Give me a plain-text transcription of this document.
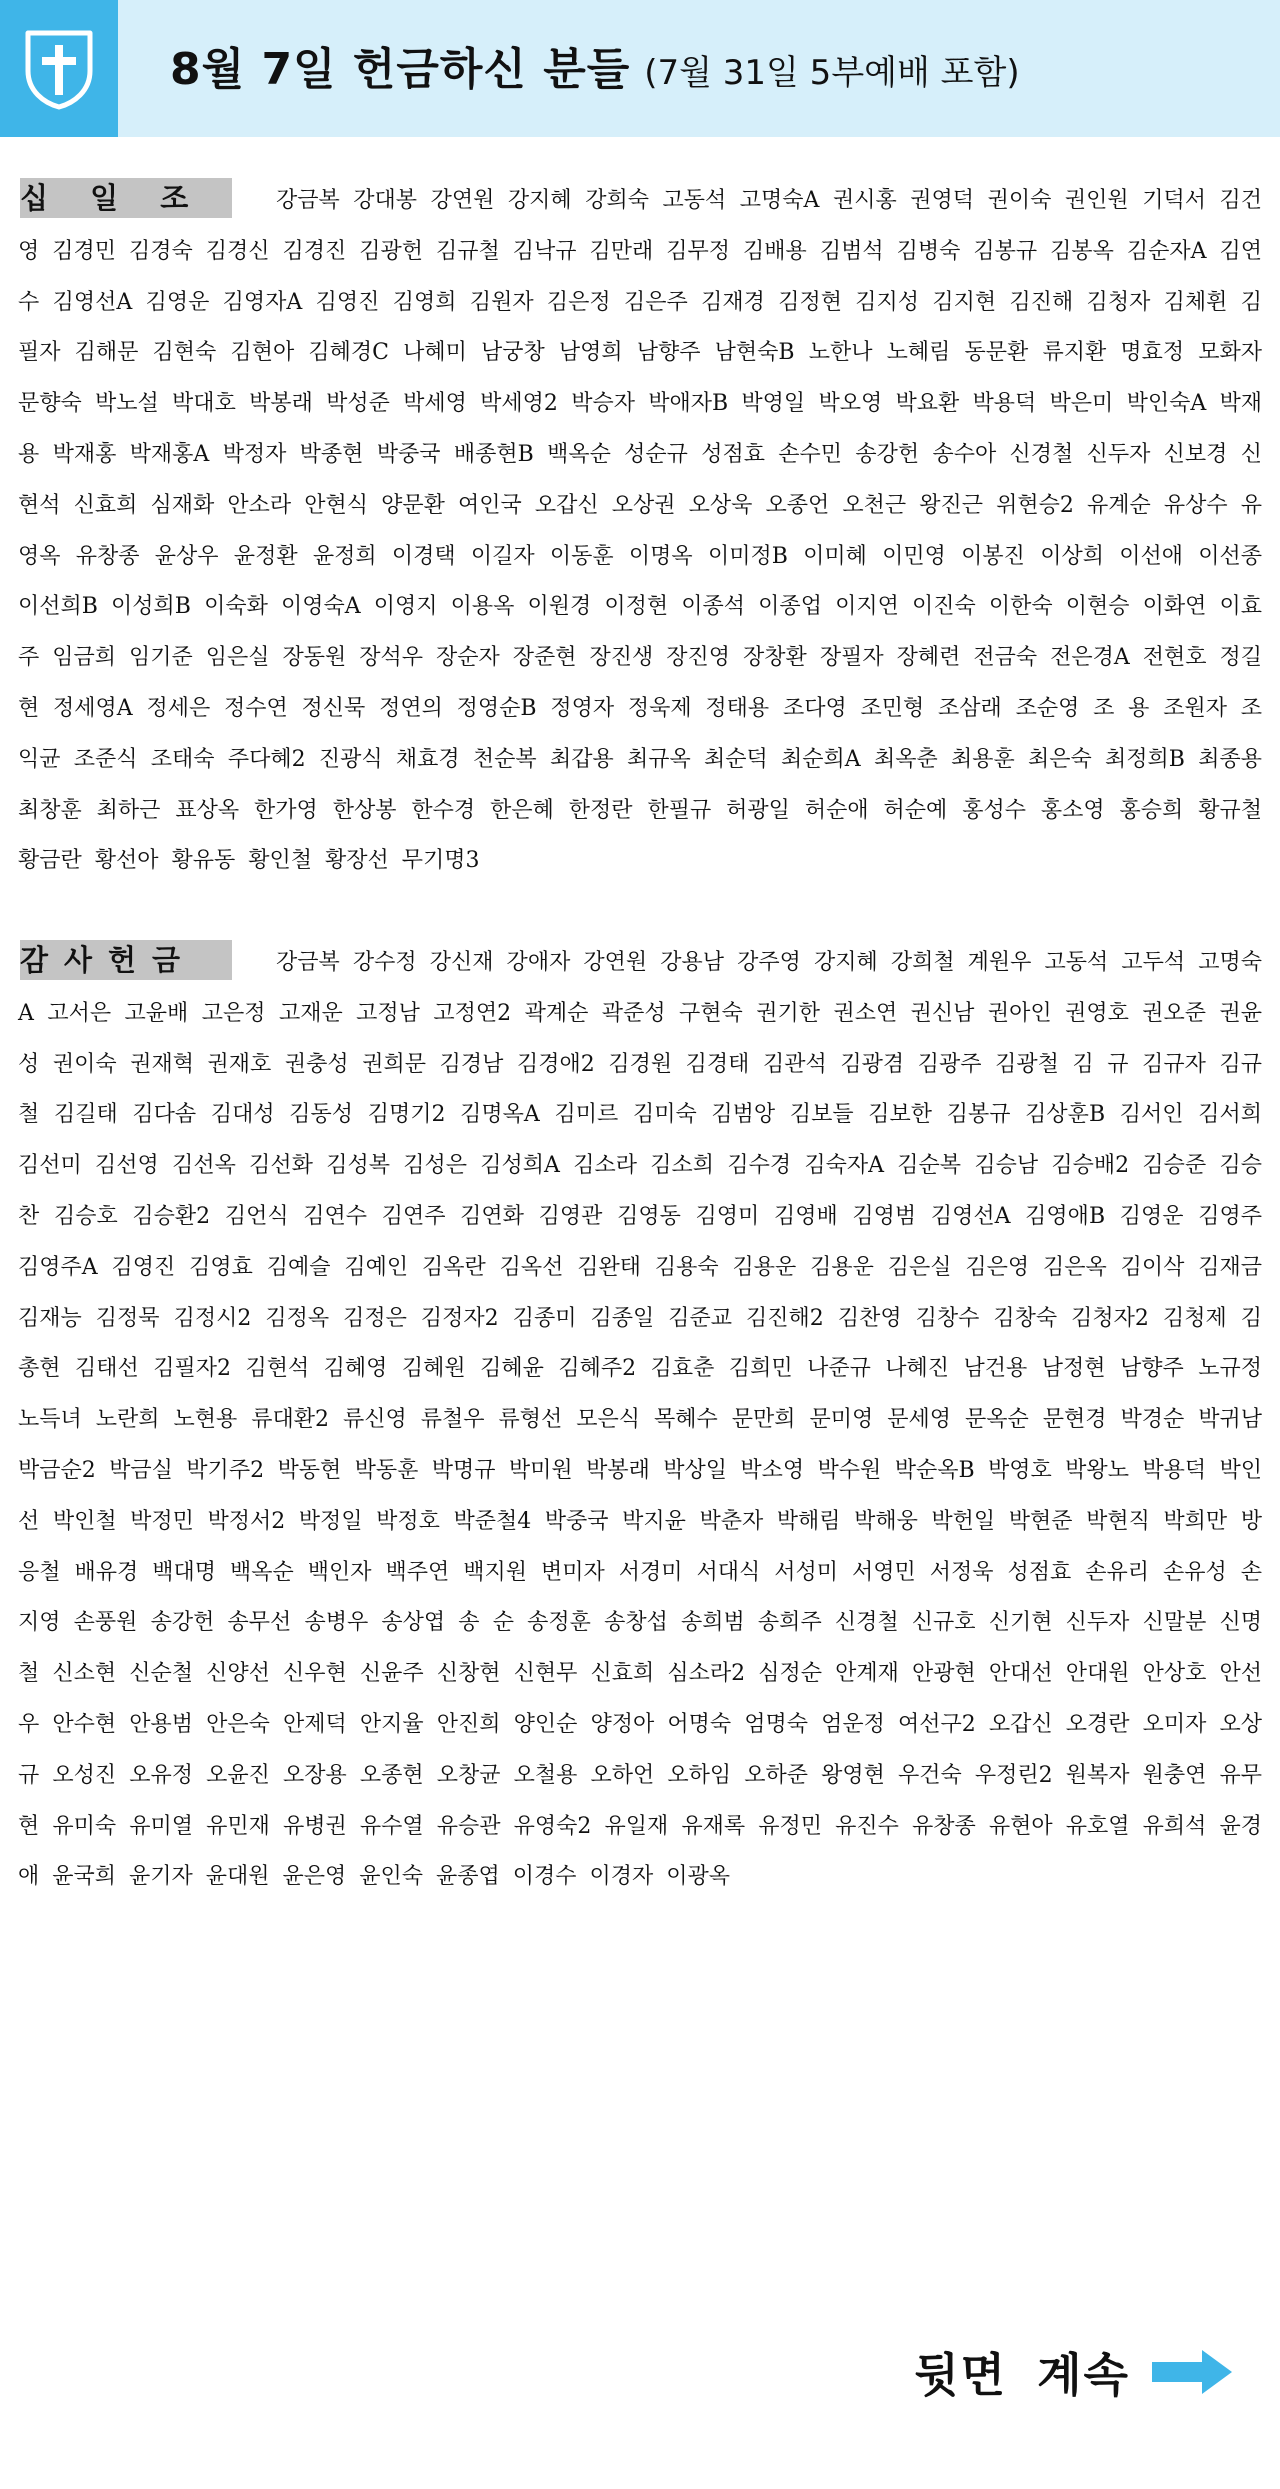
8월 7일 헌금하신 분들 (7월 31일 5부예배 포함)

십 일 조	강금복 강대봉 강연원 강지혜 강희숙 고동석 고명숙A 권시홍 권영덕 권이숙 권인원 기덕서 김건영 김경민 김경숙 김경신 김경진 김광헌 김규철 김낙규 김만래 김무정 김배용 김범석 김병숙 김봉규 김봉옥 김순자A 김연수 김영선A 김영운 김영자A 김영진 김영희 김원자 김은정 김은주 김재경 김정현 김지성 김지현 김진해 김청자 김체휜 김필자 김해문 김현숙 김현아 김혜경C 나혜미 남궁창 남영희 남향주 남현숙B 노한나 노혜림 동문환 류지환 명효정 모화자 문향숙 박노설 박대호 박봉래 박성준 박세영 박세영2 박승자 박애자B 박영일 박오영 박요환 박용덕 박은미 박인숙A 박재용 박재홍 박재홍A 박정자 박종현 박중국 배종현B 백옥순 성순규 성점효 손수민 송강헌 송수아 신경철 신두자 신보경 신현석 신효희 심재화 안소라 안현식 양문환 여인국 오갑신 오상권 오상욱 오종언 오천근 왕진근 위현승2 유계순 유상수 유영옥 유창종 윤상우 윤정환 윤정희 이경택 이길자 이동훈 이명옥 이미정B 이미혜 이민영 이봉진 이상희 이선애 이선종 이선희B 이성희B 이숙화 이영숙A 이영지 이용옥 이원경 이정현 이종석 이종업 이지연 이진숙 이한숙 이현승 이화연 이효주 임금희 임기준 임은실 장동원 장석우 장순자 장준현 장진생 장진영 장창환 장필자 장혜련 전금숙 전은경A 전현호 정길현 정세영A 정세은 정수연 정신묵 정연의 정영순B 정영자 정욱제 정태용 조다영 조민형 조삼래 조순영 조 용 조원자 조익균 조준식 조태숙 주다혜2 진광식 채효경 천순복 최갑용 최규옥 최순덕 최순희A 최옥춘 최용훈 최은숙 최정희B 최종용 최창훈 최하근 표상옥 한가영 한상봉 한수경 한은혜 한정란 한필규 허광일 허순애 허순예 홍성수 홍소영 홍승희 황규철 황금란 황선아 황유동 황인철 황장선 무기명3

감사헌금	강금복 강수정 강신재 강애자 강연원 강용남 강주영 강지혜 강희철 계원우 고동석 고두석 고명숙A 고서은 고윤배 고은정 고재운 고정남 고정연2 곽계순 곽준성 구현숙 권기한 권소연 권신남 권아인 권영호 권오준 권윤성 권이숙 권재혁 권재호 권충성 권희문 김경남 김경애2 김경원 김경태 김관석 김광겸 김광주 김광철 김 규 김규자 김규철 김길태 김다솜 김대성 김동성 김명기2 김명옥A 김미르 김미숙 김범앙 김보들 김보한 김봉규 김상훈B 김서인 김서희 김선미 김선영 김선옥 김선화 김성복 김성은 김성희A 김소라 김소희 김수경 김숙자A 김순복 김승남 김승배2 김승준 김승찬 김승호 김승환2 김언식 김연수 김연주 김연화 김영관 김영동 김영미 김영배 김영범 김영선A 김영애B 김영운 김영주 김영주A 김영진 김영효 김예슬 김예인 김옥란 김옥선 김완태 김용숙 김용운 김용운 김은실 김은영 김은옥 김이삭 김재금 김재능 김정묵 김정시2 김정옥 김정은 김정자2 김종미 김종일 김준교 김진해2 김찬영 김창수 김창숙 김청자2 김청제 김총현 김태선 김필자2 김현석 김혜영 김혜원 김혜윤 김혜주2 김효춘 김희민 나준규 나혜진 남건용 남정현 남향주 노규정 노득녀 노란희 노현용 류대환2 류신영 류철우 류형선 모은식 목혜수 문만희 문미영 문세영 문옥순 문현경 박경순 박귀남 박금순2 박금실 박기주2 박동현 박동훈 박명규 박미원 박봉래 박상일 박소영 박수원 박순옥B 박영호 박왕노 박용덕 박인선 박인철 박정민 박정서2 박정일 박정호 박준철4 박중국 박지윤 박춘자 박해림 박해웅 박헌일 박현준 박현직 박희만 방응철 배유경 백대명 백옥순 백인자 백주연 백지원 변미자 서경미 서대식 서성미 서영민 서정욱 성점효 손유리 손유성 손지영 손풍원 송강헌 송무선 송병우 송상엽 송 순 송정훈 송창섭 송희범 송희주 신경철 신규호 신기현 신두자 신말분 신명철 신소현 신순철 신양선 신우현 신윤주 신창현 신현무 신효희 심소라2 심정순 안계재 안광현 안대선 안대원 안상호 안선우 안수현 안용범 안은숙 안제덕 안지율 안진희 양인순 양정아 어명숙 엄명숙 엄운정 여선구2 오갑신 오경란 오미자 오상규 오성진 오유정 오윤진 오장용 오종현 오창균 오철용 오하언 오하임 오하준 왕영현 우건숙 우정린2 원복자 원충연 유무현 유미숙 유미열 유민재 유병권 유수열 유승관 유영숙2 유일재 유재록 유정민 유진수 유창종 유현아 유호열 유희석 윤경애 윤국희 윤기자 윤대원 윤은영 윤인숙 윤종엽 이경수 이경자 이광옥

뒷면 계속
